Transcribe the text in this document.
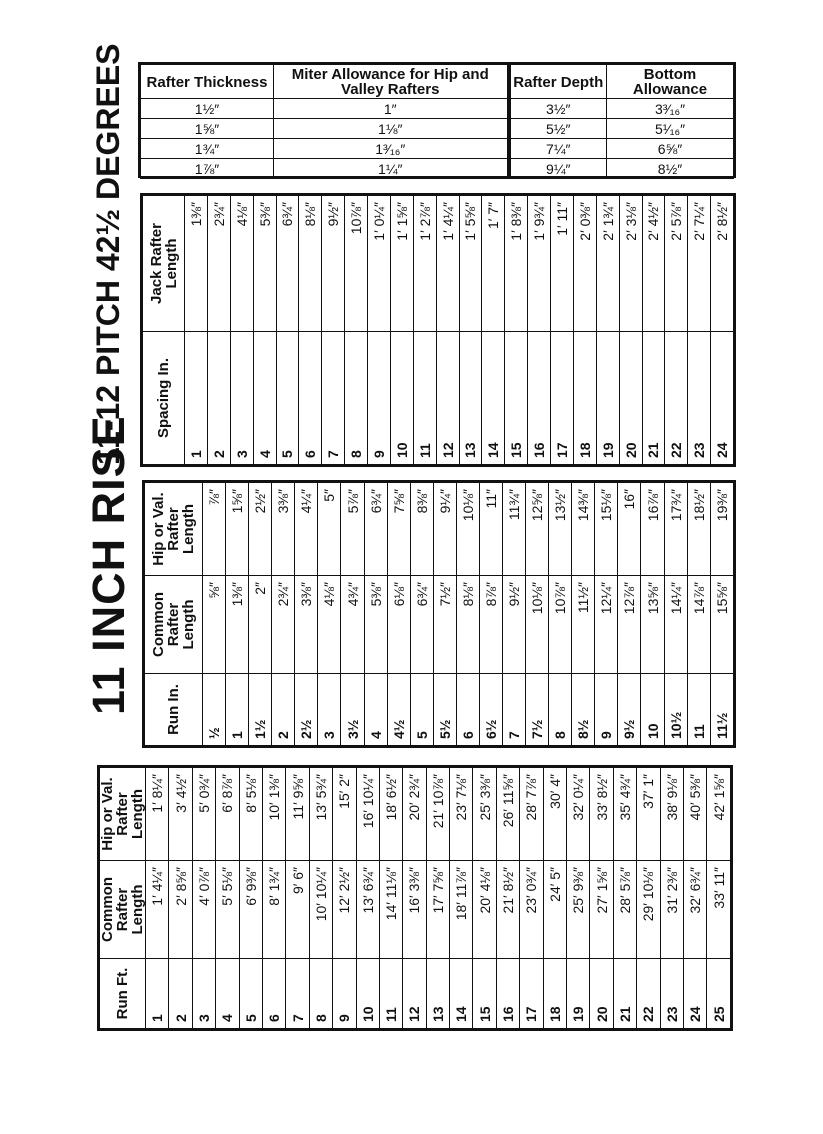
11 INCH RISE
11-12 PITCH 42½ DEGREES Rafter Thickness	Miter Allowance for Hip and Valley Rafters	Rafter Depth	Bottom Allowance
1½″	1″	3½″	3³⁄₁₆″
1⅝″	1⅛″	5½″	5¹⁄₁₆″
1¾″	1³⁄₁₆″	7¼″	6⅝″
1⅞″	1¼″	9¼″	8½″
Run Ft.	Common Rafter Length	Hip or Val. Rafter Length
1	1′ 4¼″	1′ 8¼″
2	2′ 8⅝″	3′ 4½″
3	4′ 0⅞″	5′ 0¾″
4	5′ 5⅛″	6′ 8⅞″
5	6′ 9⅜″	8′ 5⅛″
6	8′ 1¾″	10′ 1⅜″
7	9′ 6″	11′ 9⅝″
8	10′ 10¼″	13′ 5¾″
9	12′ 2½″	15′ 2″
10	13′ 6¾″	16′ 10¼″
11	14′ 11⅛″	18′ 6½″
12	16′ 3⅜″	20′ 2¾″
13	17′ 7⅝″	21′ 10⅞″
14	18′ 11⅞″	23′ 7⅛″
15	20′ 4⅛″	25′ 3⅜″
16	21′ 8½″	26′ 11⅝″
17	23′ 0¾″	28′ 7⅞″
18	24′ 5″	30′ 4″
19	25′ 9⅜″	32′ 0¼″
20	27′ 1⅝″	33′ 8½″
21	28′ 5⅞″	35′ 4¾″
22	29′ 10⅛″	37′ 1″
23	31′ 2⅜″	38′ 9⅛″
24	32′ 6¾″	40′ 5⅜″
25	33′ 11″	42′ 1⅝″
Run In.	Common Rafter Length	Hip or Val. Rafter Length
½	⅝″	⅞″
1	1⅜″	1⅝″
1½	2″	2½″
2	2¾″	3⅜″
2½	3⅜″	4¼″
3	4⅛″	5″
3½	4¾″	5⅞″
4	5⅜″	6¾″
4½	6⅛″	7⅝″
5	6¾″	8⅜″
5½	7½″	9¼″
6	8⅛″	10⅛″
6½	8⅞″	11″
7	9½″	11¾″
7½	10⅛″	12⅝″
8	10⅞″	13½″
8½	11½″	14⅜″
9	12¼″	15⅛″
9½	12⅞″	16″
10	13⅝″	16⅞″
10½	14¼″	17¾″
11	14⅞″	18½″
11½	15⅝″	19⅜″
Spacing In.	Jack Rafter Length
1	1⅜″
2	2¾″
3	4⅛″
4	5⅜″
5	6¾″
6	8⅛″
7	9½″
8	10⅞″
9	1′ 0¼″
10	1′ 1⅝″
11	1′ 2⅞″
12	1′ 4¼″
13	1′ 5⅝″
14	1′ 7″
15	1′ 8⅜″
16	1′ 9¾″
17	1′ 11″
18	2′ 0⅜″
19	2′ 1¾″
20	2′ 3⅛″
21	2′ 4½″
22	2′ 5⅞″
23	2′ 7¼″
24	2′ 8½″
